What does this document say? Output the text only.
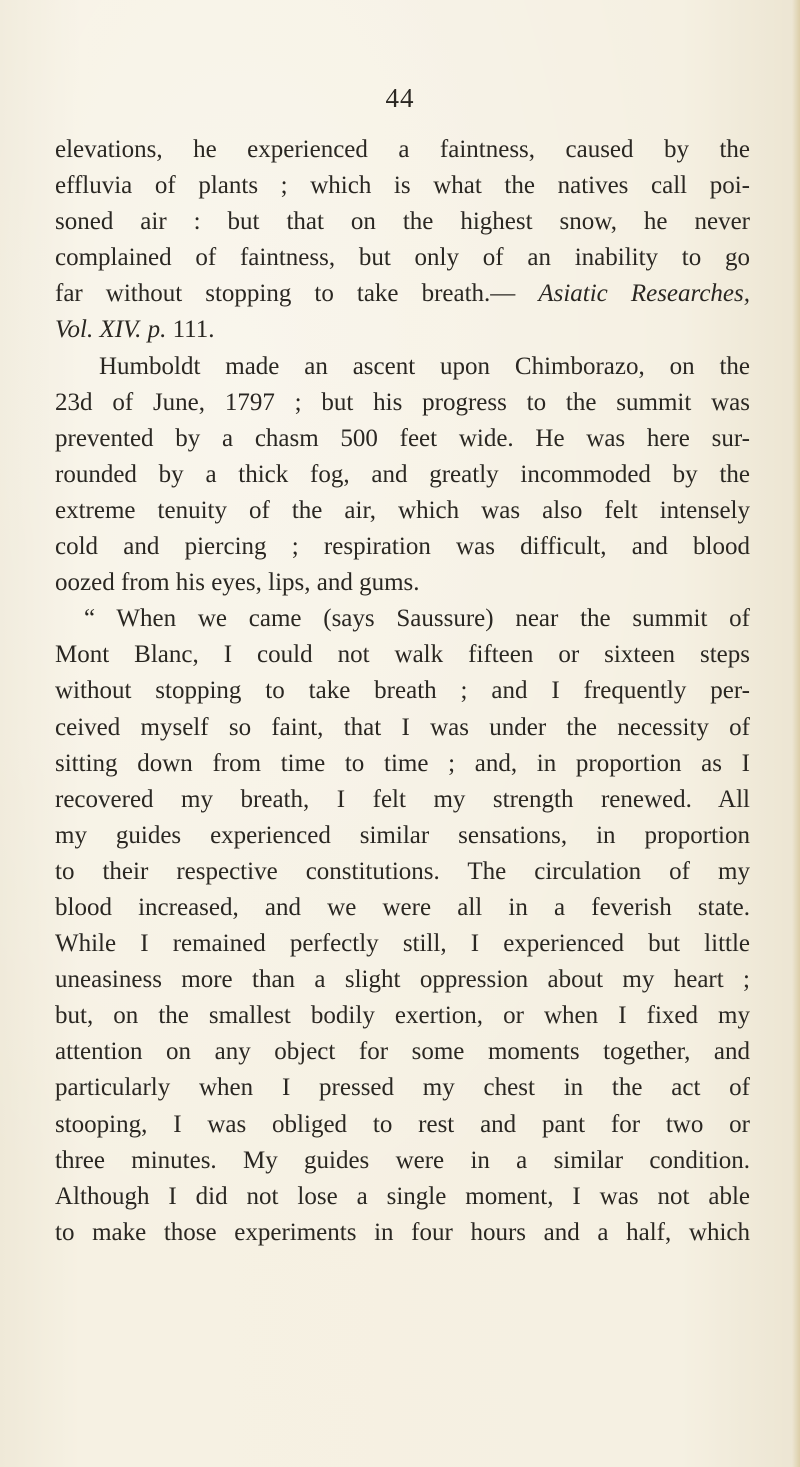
44
elevations, he experienced a faintness, caused by the
effluvia of plants ; which is what the natives call poi-
soned air : but that on the highest snow, he never
complained of faintness, but only of an inability to go
far without stopping to take breath.— Asiatic Researches,
Vol. XIV. p. 111.
Humboldt made an ascent upon Chimborazo, on the
23d of June, 1797 ; but his progress to the summit was
prevented by a chasm 500 feet wide. He was here sur-
rounded by a thick fog, and greatly incommoded by the
extreme tenuity of the air, which was also felt intensely
cold and piercing ; respiration was difficult, and blood
oozed from his eyes, lips, and gums.
“ When we came (says Saussure) near the summit of
Mont Blanc, I could not walk fifteen or sixteen steps
without stopping to take breath ; and I frequently per-
ceived myself so faint, that I was under the necessity of
sitting down from time to time ; and, in proportion as I
recovered my breath, I felt my strength renewed. All
my guides experienced similar sensations, in proportion
to their respective constitutions. The circulation of my
blood increased, and we were all in a feverish state.
While I remained perfectly still, I experienced but little
uneasiness more than a slight oppression about my heart ;
but, on the smallest bodily exertion, or when I fixed my
attention on any object for some moments together, and
particularly when I pressed my chest in the act of
stooping, I was obliged to rest and pant for two or
three minutes. My guides were in a similar condition.
Although I did not lose a single moment, I was not able
to make those experiments in four hours and a half, which
